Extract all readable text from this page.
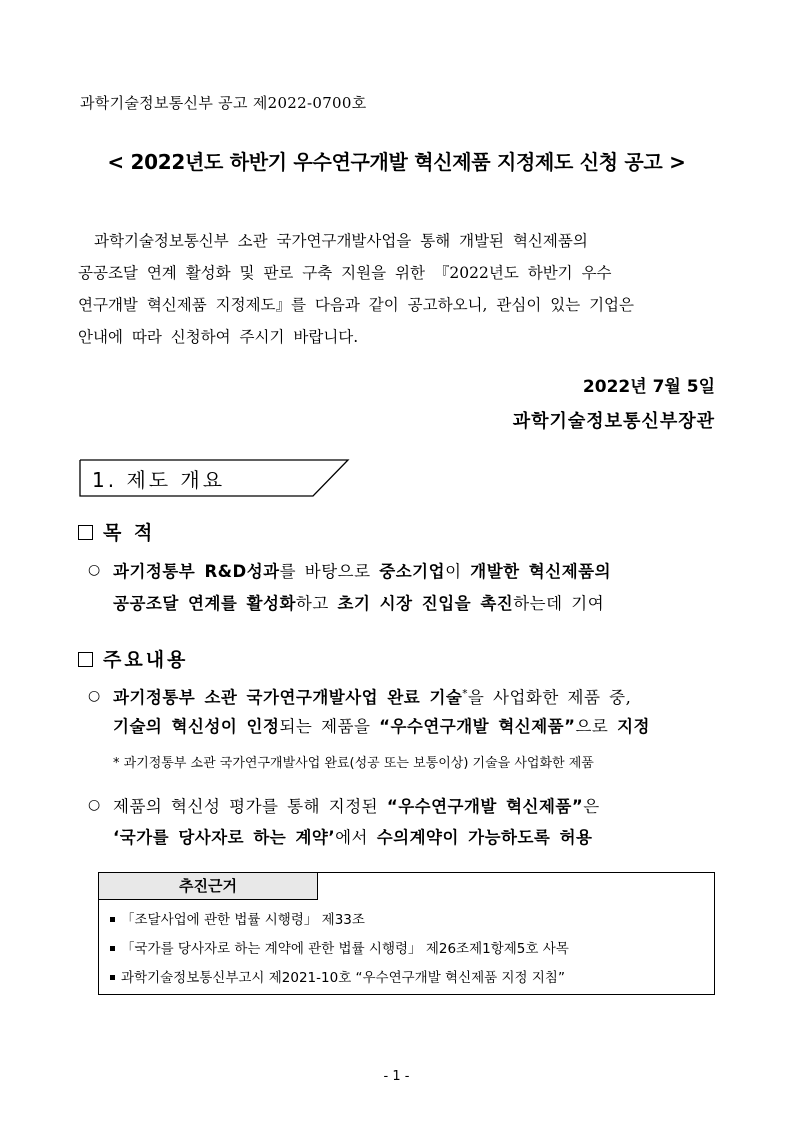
과학기술정보통신부 공고 제2022-0700호
< 2022년도 하반기 우수연구개발 혁신제품 지정제도 신청 공고 >

과학기술정보통신부 소관 국가연구개발사업을 통해 개발된 혁신제품의

공공조달 연계 활성화 및 판로 구축 지원을 위한 『2022년도 하반기 우수

연구개발 혁신제품 지정제도』를 다음과 같이 공고하오니, 관심이 있는 기업은

안내에 따라 신청하여 주시기 바랍니다.

2022년 7월 5일
과학기술정보통신부장관
1. 제도 개요
목 적
○ 과기정통부 R&D성과를 바탕으로 중소기업이 개발한 혁신제품의
공공조달 연계를 활성화하고 초기 시장 진입을 촉진하는데 기여
주요내용
○ 과기정통부 소관 국가연구개발사업 완료 기술*을 사업화한 제품 중,
기술의 혁신성이 인정되는 제품을 “우수연구개발 혁신제품”으로 지정
* 과기정통부 소관 국가연구개발사업 완료(성공 또는 보통이상) 기술을 사업화한 제품
○ 제품의 혁신성 평가를 통해 지정된 “우수연구개발 혁신제품”은
‘국가를 당사자로 하는 계약’에서 수의계약이 가능하도록 허용
추진근거
「조달사업에 관한 법률 시행령」 제33조
「국가를 당사자로 하는 계약에 관한 법률 시행령」 제26조제1항제5호 사목
과학기술정보통신부고시 제2021-10호 “우수연구개발 혁신제품 지정 지침”
- 1 -
